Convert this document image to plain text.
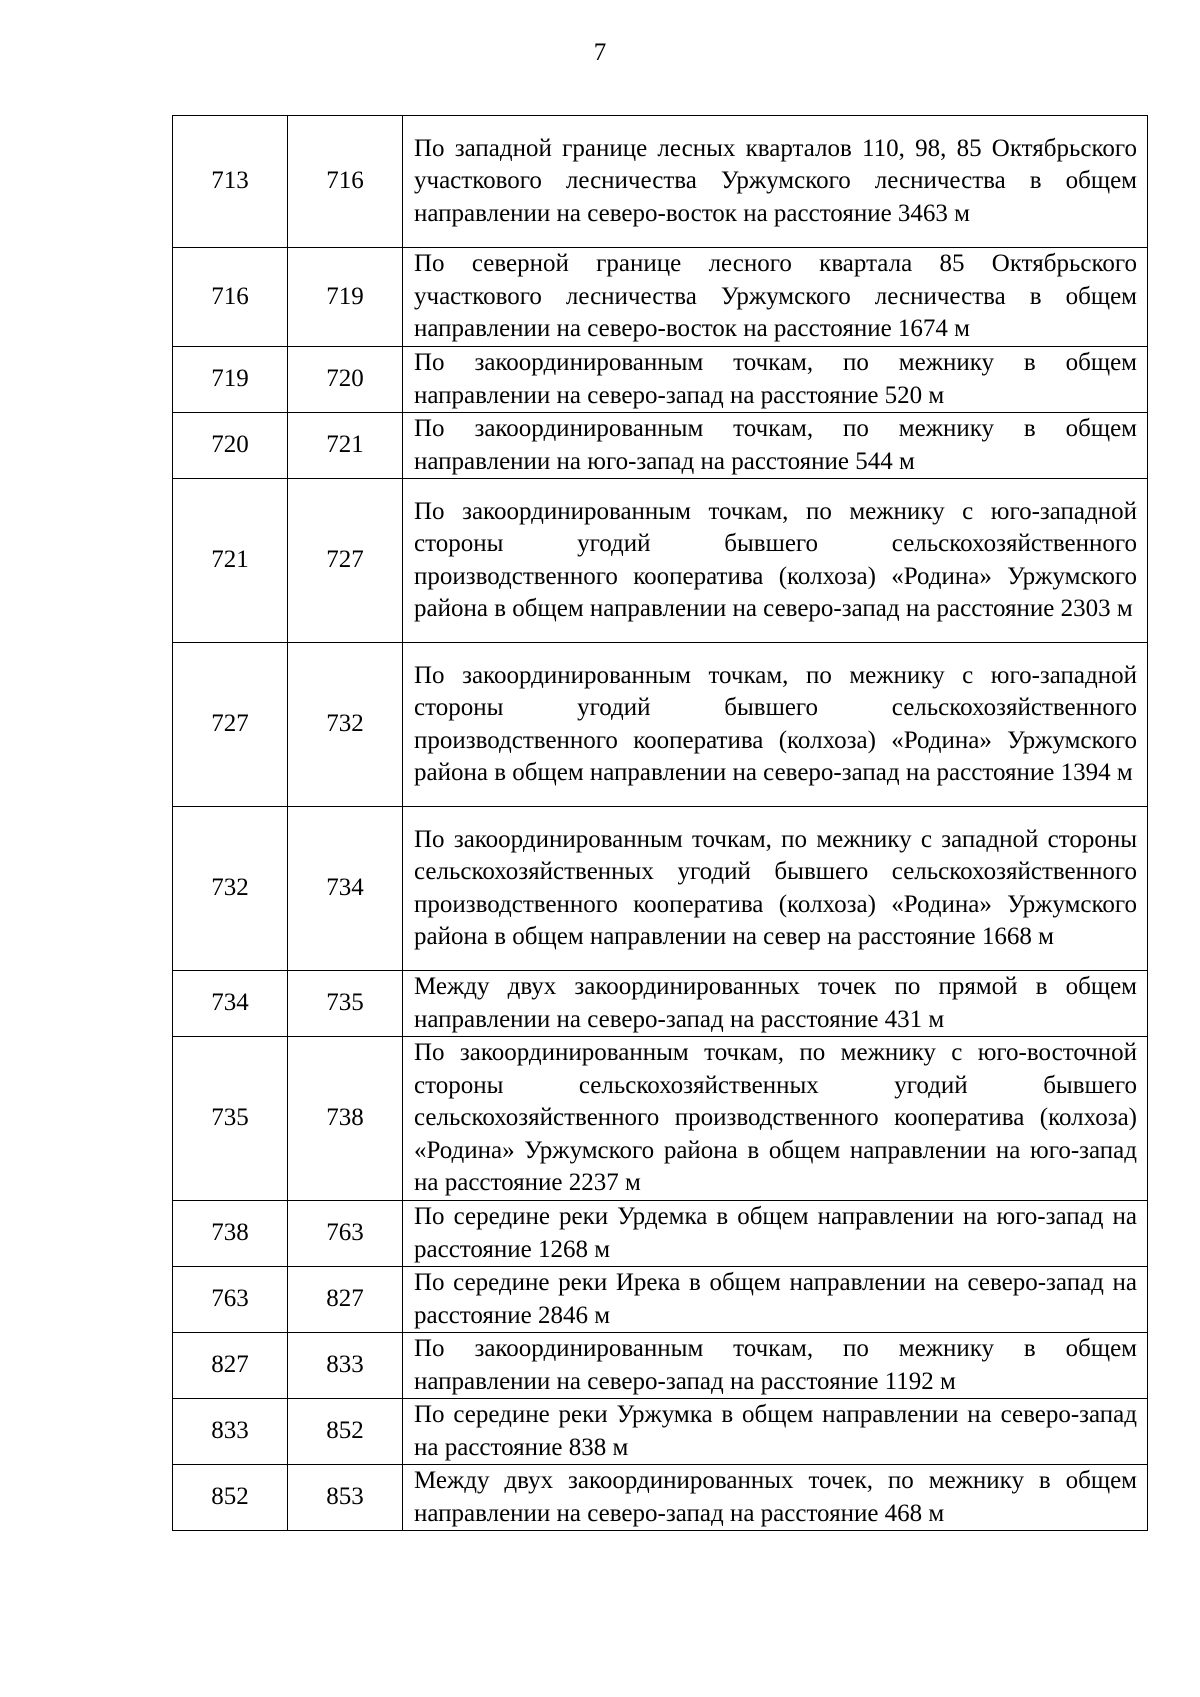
7
713	716	По западной границе лесных кварталов 110, 98, 85 Октябрьского участкового лесничества Уржумского лесничества в общем направлении на северо-восток на расстояние 3463 м
716	719	По северной границе лесного квартала 85 Октябрьского участкового лесничества Уржумского лесничества в общем направлении на северо-восток на расстояние 1674 м
719	720	По закоординированным точкам, по межнику в общем направлении на северо-запад на расстояние 520 м
720	721	По закоординированным точкам, по межнику в общем направлении на юго-запад на расстояние 544 м
721	727	По закоординированным точкам, по межнику с юго-западной стороны угодий бывшего сельскохозяйственного производственного кооператива (колхоза) «Родина» Уржумского района в общем направлении на северо-запад на расстояние 2303 м
727	732	По закоординированным точкам, по межнику с юго-западной стороны угодий бывшего сельскохозяйственного производственного кооператива (колхоза) «Родина» Уржумского района в общем направлении на северо-запад на расстояние 1394 м
732	734	По закоординированным точкам, по межнику с западной стороны сельскохозяйственных угодий бывшего сельскохозяйственного производственного кооператива (колхоза) «Родина» Уржумского района в общем направлении на север на расстояние 1668 м
734	735	Между двух закоординированных точек по прямой в общем направлении на северо-запад на расстояние 431 м
735	738	По закоординированным точкам, по межнику с юго-восточной стороны сельскохозяйственных угодий бывшего сельскохозяйственного производственного кооператива (колхоза) «Родина» Уржумского района в общем направлении на юго-запад на расстояние 2237 м
738	763	По середине реки Урдемка в общем направлении на юго-запад на расстояние 1268 м
763	827	По середине реки Ирека в общем направлении на северо-запад на расстояние 2846 м
827	833	По закоординированным точкам, по межнику в общем направлении на северо-запад на расстояние 1192 м
833	852	По середине реки Уржумка в общем направлении на северо-запад на расстояние 838 м
852	853	Между двух закоординированных точек, по межнику в общем направлении на северо-запад на расстояние 468 м
